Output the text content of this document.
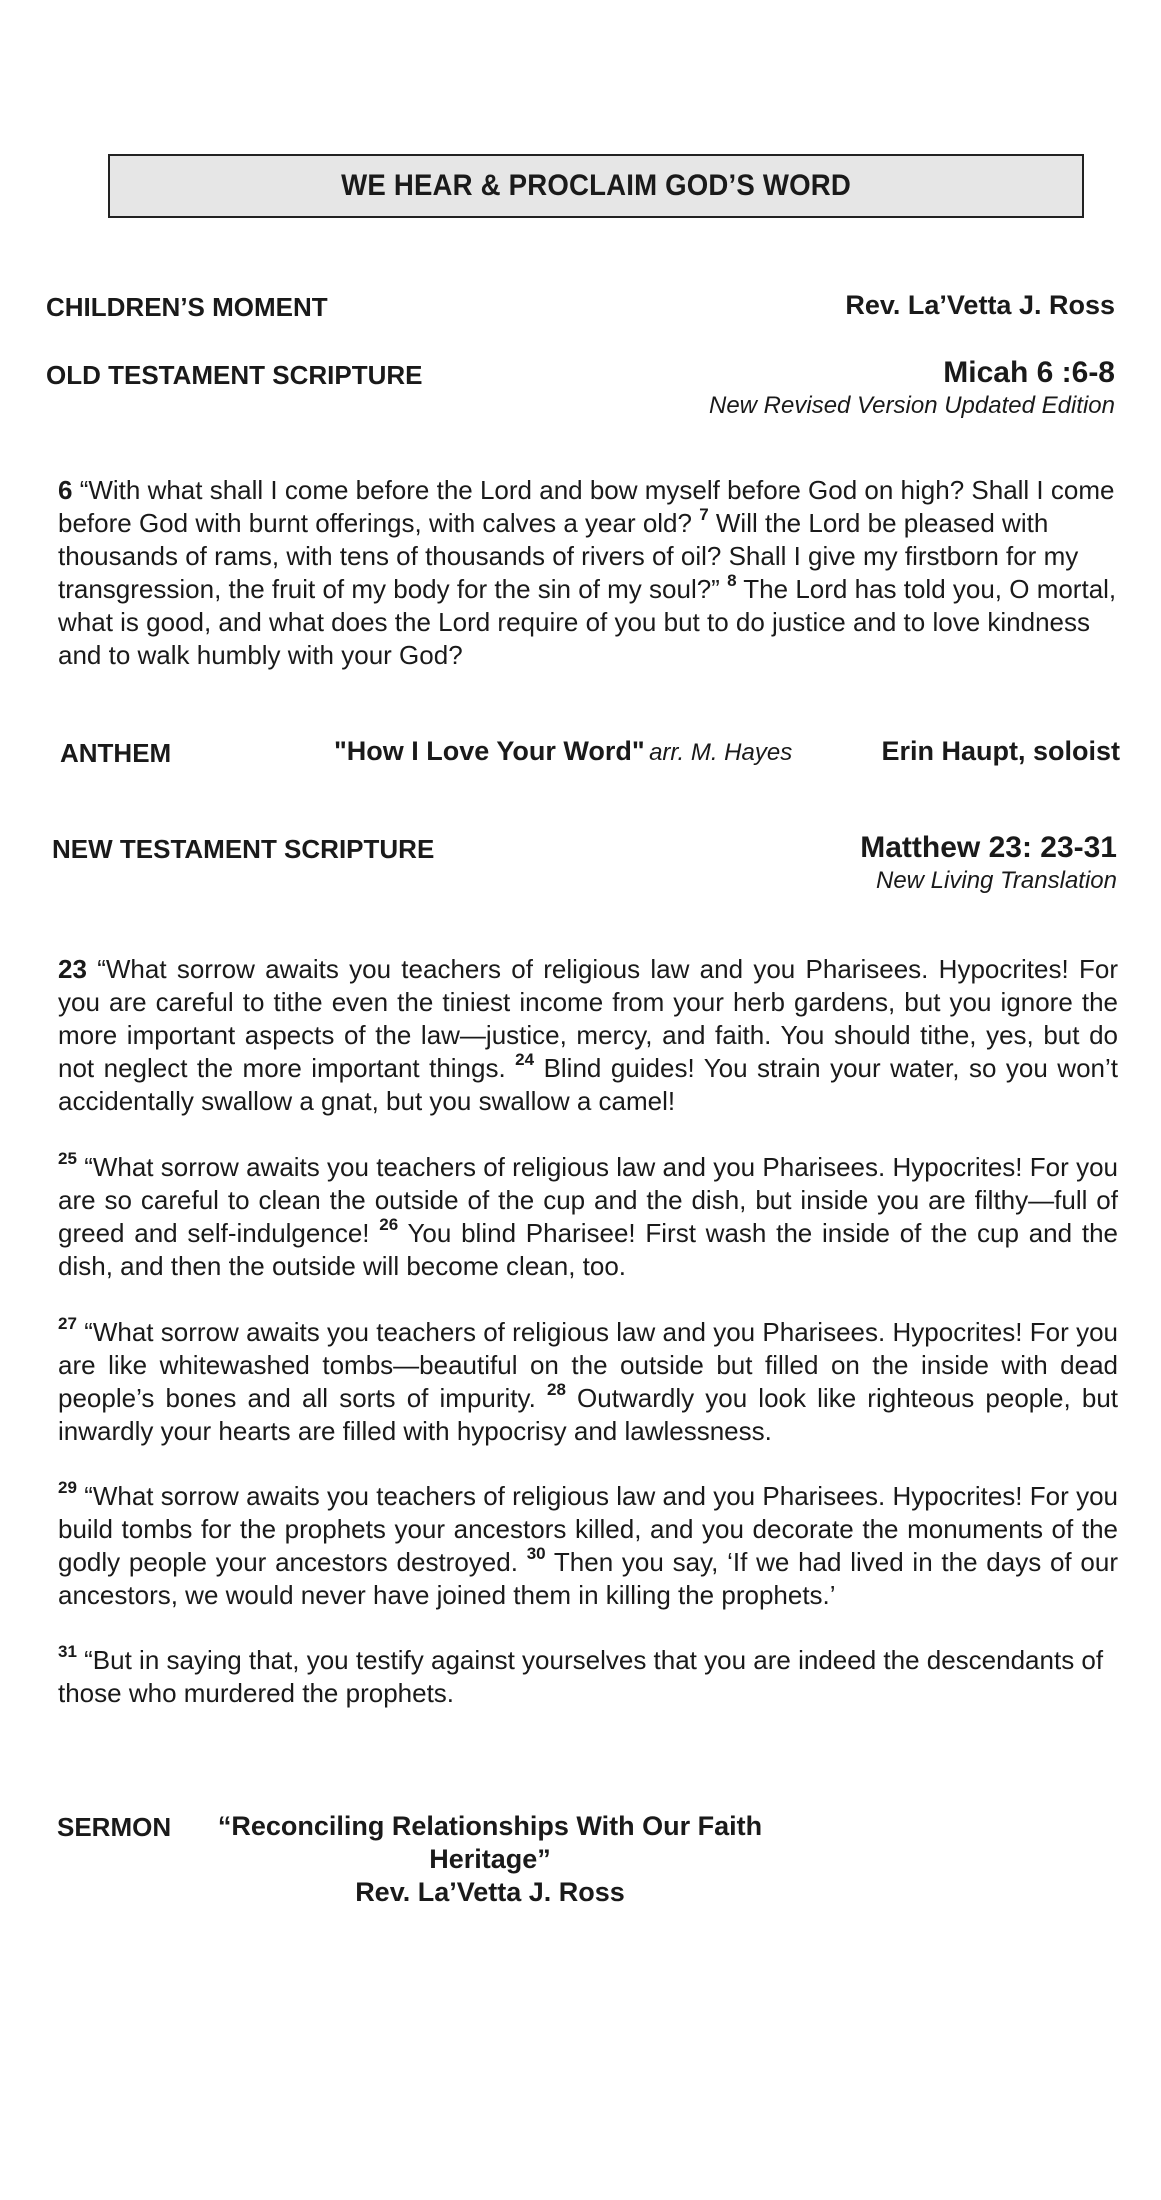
WE HEAR & PROCLAIM GOD’S WORD
CHILDREN’S MOMENT	Rev. La’Vetta J. Ross
OLD TESTAMENT SCRIPTURE	Micah 6 :6-8
New Revised Version Updated Edition

6 “With what shall I come before the Lord and bow myself before God on high? Shall I come before God with burnt offerings, with calves a year old? $^7$ Will the Lord be pleased with thousands of rams, with tens of thousands of rivers of oil? Shall I give my firstborn for my transgression, the fruit of my body for the sin of my soul?” $^8$ The Lord has told you, O mortal, what is good, and what does the Lord require of you but to do justice and to love kindness and to walk humbly with your God?

ANTHEM	"How I Love Your Word" arr. M. Hayes	Erin Haupt, soloist
NEW TESTAMENT SCRIPTURE	Matthew 23: 23-31
New Living Translation

23 “What sorrow awaits you teachers of religious law and you Pharisees. Hypocrites! For you are careful to tithe even the tiniest income from your herb gardens, but you ignore the more important aspects of the law—justice, mercy, and faith. You should tithe, yes, but do not neglect the more important things. $^{24}$ Blind guides! You strain your water, so you won’t accidentally swallow a gnat, but you swallow a camel!

$^{25}$ “What sorrow awaits you teachers of religious law and you Pharisees. Hypocrites! For you are so careful to clean the outside of the cup and the dish, but inside you are filthy—full of greed and self-indulgence! $^{26}$ You blind Pharisee! First wash the inside of the cup and the dish, and then the outside will become clean, too.

$^{27}$ “What sorrow awaits you teachers of religious law and you Pharisees. Hypocrites! For you are like whitewashed tombs—beautiful on the outside but filled on the inside with dead people’s bones and all sorts of impurity. $^{28}$ Outwardly you look like righteous people, but inwardly your hearts are filled with hypocrisy and lawlessness.

$^{29}$ “What sorrow awaits you teachers of religious law and you Pharisees. Hypocrites! For you build tombs for the prophets your ancestors killed, and you decorate the monuments of the godly people your ancestors destroyed. $^{30}$ Then you say, ‘If we had lived in the days of our ancestors, we would never have joined them in killing the prophets.’

$^{31}$ “But in saying that, you testify against yourselves that you are indeed the descendants of those who murdered the prophets.

SERMON	“Reconciling Relationships With Our Faith Heritage”
Rev. La’Vetta J. Ross
